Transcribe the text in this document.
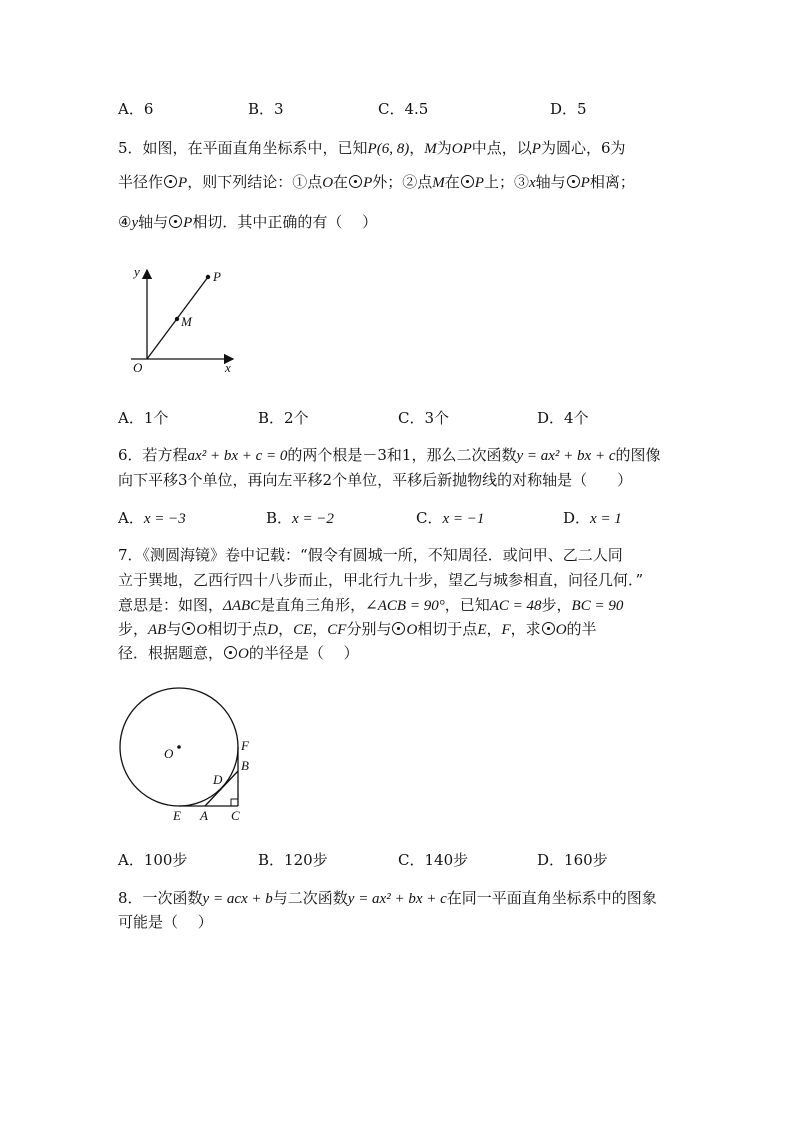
A．6	B．3	C．4.5	D．5
5．如图，在平面直角坐标系中，已知P(6, 8)，M为OP中点，以P为圆心，6为
半径作 P，则下列结论：①点O在 P外；②点M在 P上；③x轴与 P相离；
④y轴与 P相切．其中正确的有（　 ）
y	P
M
O	x
A．1个	B．2个	C．3个	D．4个
6．若方程ax² + bx + c = 0的两个根是－3和1，那么二次函数y = ax² + bx + c的图像
向下平移3个单位，再向左平移2个单位，平移后新抛物线的对称轴是（　　）
A．x = −3	B．x = −2	C．x = −1	D．x = 1
7．《测圆海镜》卷中记载：“假令有圆城一所，不知周径．或问甲、乙二人同
立于巽地，乙西行四十八步而止，甲北行九十步，望乙与城参相直，问径几何．”
意思是：如图，ΔABC是直角三角形，∠ACB = 90°，已知AC = 48步，BC = 90
步，AB与 O相切于点D，CE，CF分别与 O相切于点E，F，求 O的半
径．根据题意， O的半径是（　 ）
O
F
B
D
E A C
A．100步	B．120步	C．140步	D．160步
8．一次函数y = acx + b与二次函数y = ax² + bx + c在同一平面直角坐标系中的图象
可能是（　 ）
